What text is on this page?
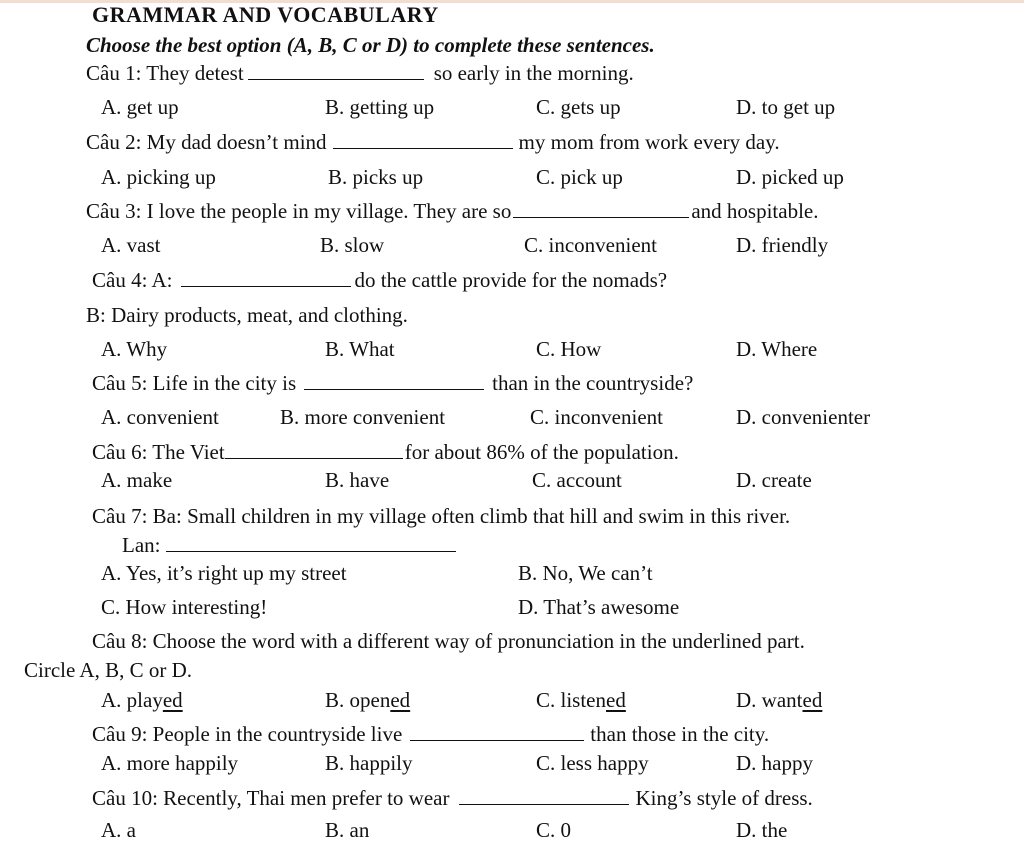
GRAMMAR AND VOCABULARY
Choose the best option (A, B, C or D) to complete these sentences.
Câu 1: They detest	so early in the morning.
A. get up	B. getting up	C. gets up	D. to get up
Câu 2: My dad doesn’t mind	my mom from work every day.
A. picking up	B. picks up	C. pick up	D. picked up
Câu 3: I love the people in my village. They are so	and hospitable.
A. vast	B. slow	C. inconvenient	D. friendly
Câu 4: A:	do the cattle provide for the nomads?
B: Dairy products, meat, and clothing.
A. Why	B. What	C. How	D. Where
Câu 5: Life in the city is	than in the countryside?
A. convenient	B. more convenient	C. inconvenient	D. convenienter
Câu 6: The Viet	for about 86% of the population.
A. make	B. have	C. account	D. create
Câu 7: Ba: Small children in my village often climb that hill and swim in this river.
Lan:
A. Yes, it’s right up my street	B. No, We can’t
C. How interesting!	D. That’s awesome
Câu 8: Choose the word with a different way of pronunciation in the underlined part.
Circle A, B, C or D.
A. played	B. opened	C. listened	D. wanted
Câu 9: People in the countryside live	than those in the city.
A. more happily	B. happily	C. less happy	D. happy
Câu 10: Recently, Thai men prefer to wear	King’s style of dress.
A. a	B. an	C. 0	D. the
